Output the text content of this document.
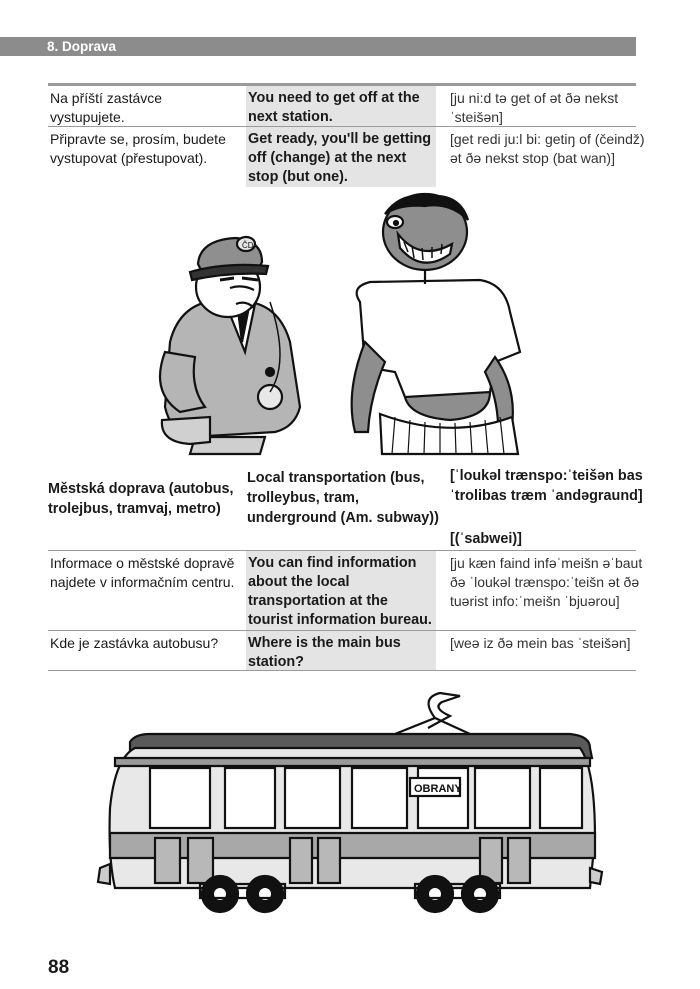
8. Doprava
Na příští zastávce vystupujete.
You need to get off at the next station.
[ju ni:d tə get of ət ðə nekst ˈsteišən]
Připravte se, prosím, budete vystupovat (přestupovat).
Get ready, you'll be getting off (change) at the next stop (but one).
[get redi ju:l bi: getiŋ of (čeindž) ət ðə nekst stop (bat wan)]
ČD
Městská doprava (autobus, trolejbus, tramvaj, metro)
Local transportation (bus, trolleybus, tram, underground (Am. subway))
[ˈloukəl trænspo:ˈteišən bas ˈtrolibas træm ˈandəgraund]
[(ˈsabwei)]
Informace o městské dopravě najdete v informačním centru.
You can find information about the local transportation at the tourist information bureau.
[ju kæn faind infəˈmeišn əˈbaut ðə ˈloukəl trænspo:ˈteišn ət ðə tuərist info:ˈmeišn ˈbjuərou]
Kde je zastávka autobusu?	Where is the main bus station?
[weə iz ðə mein bas ˈsteišən]
OBRANY
88
